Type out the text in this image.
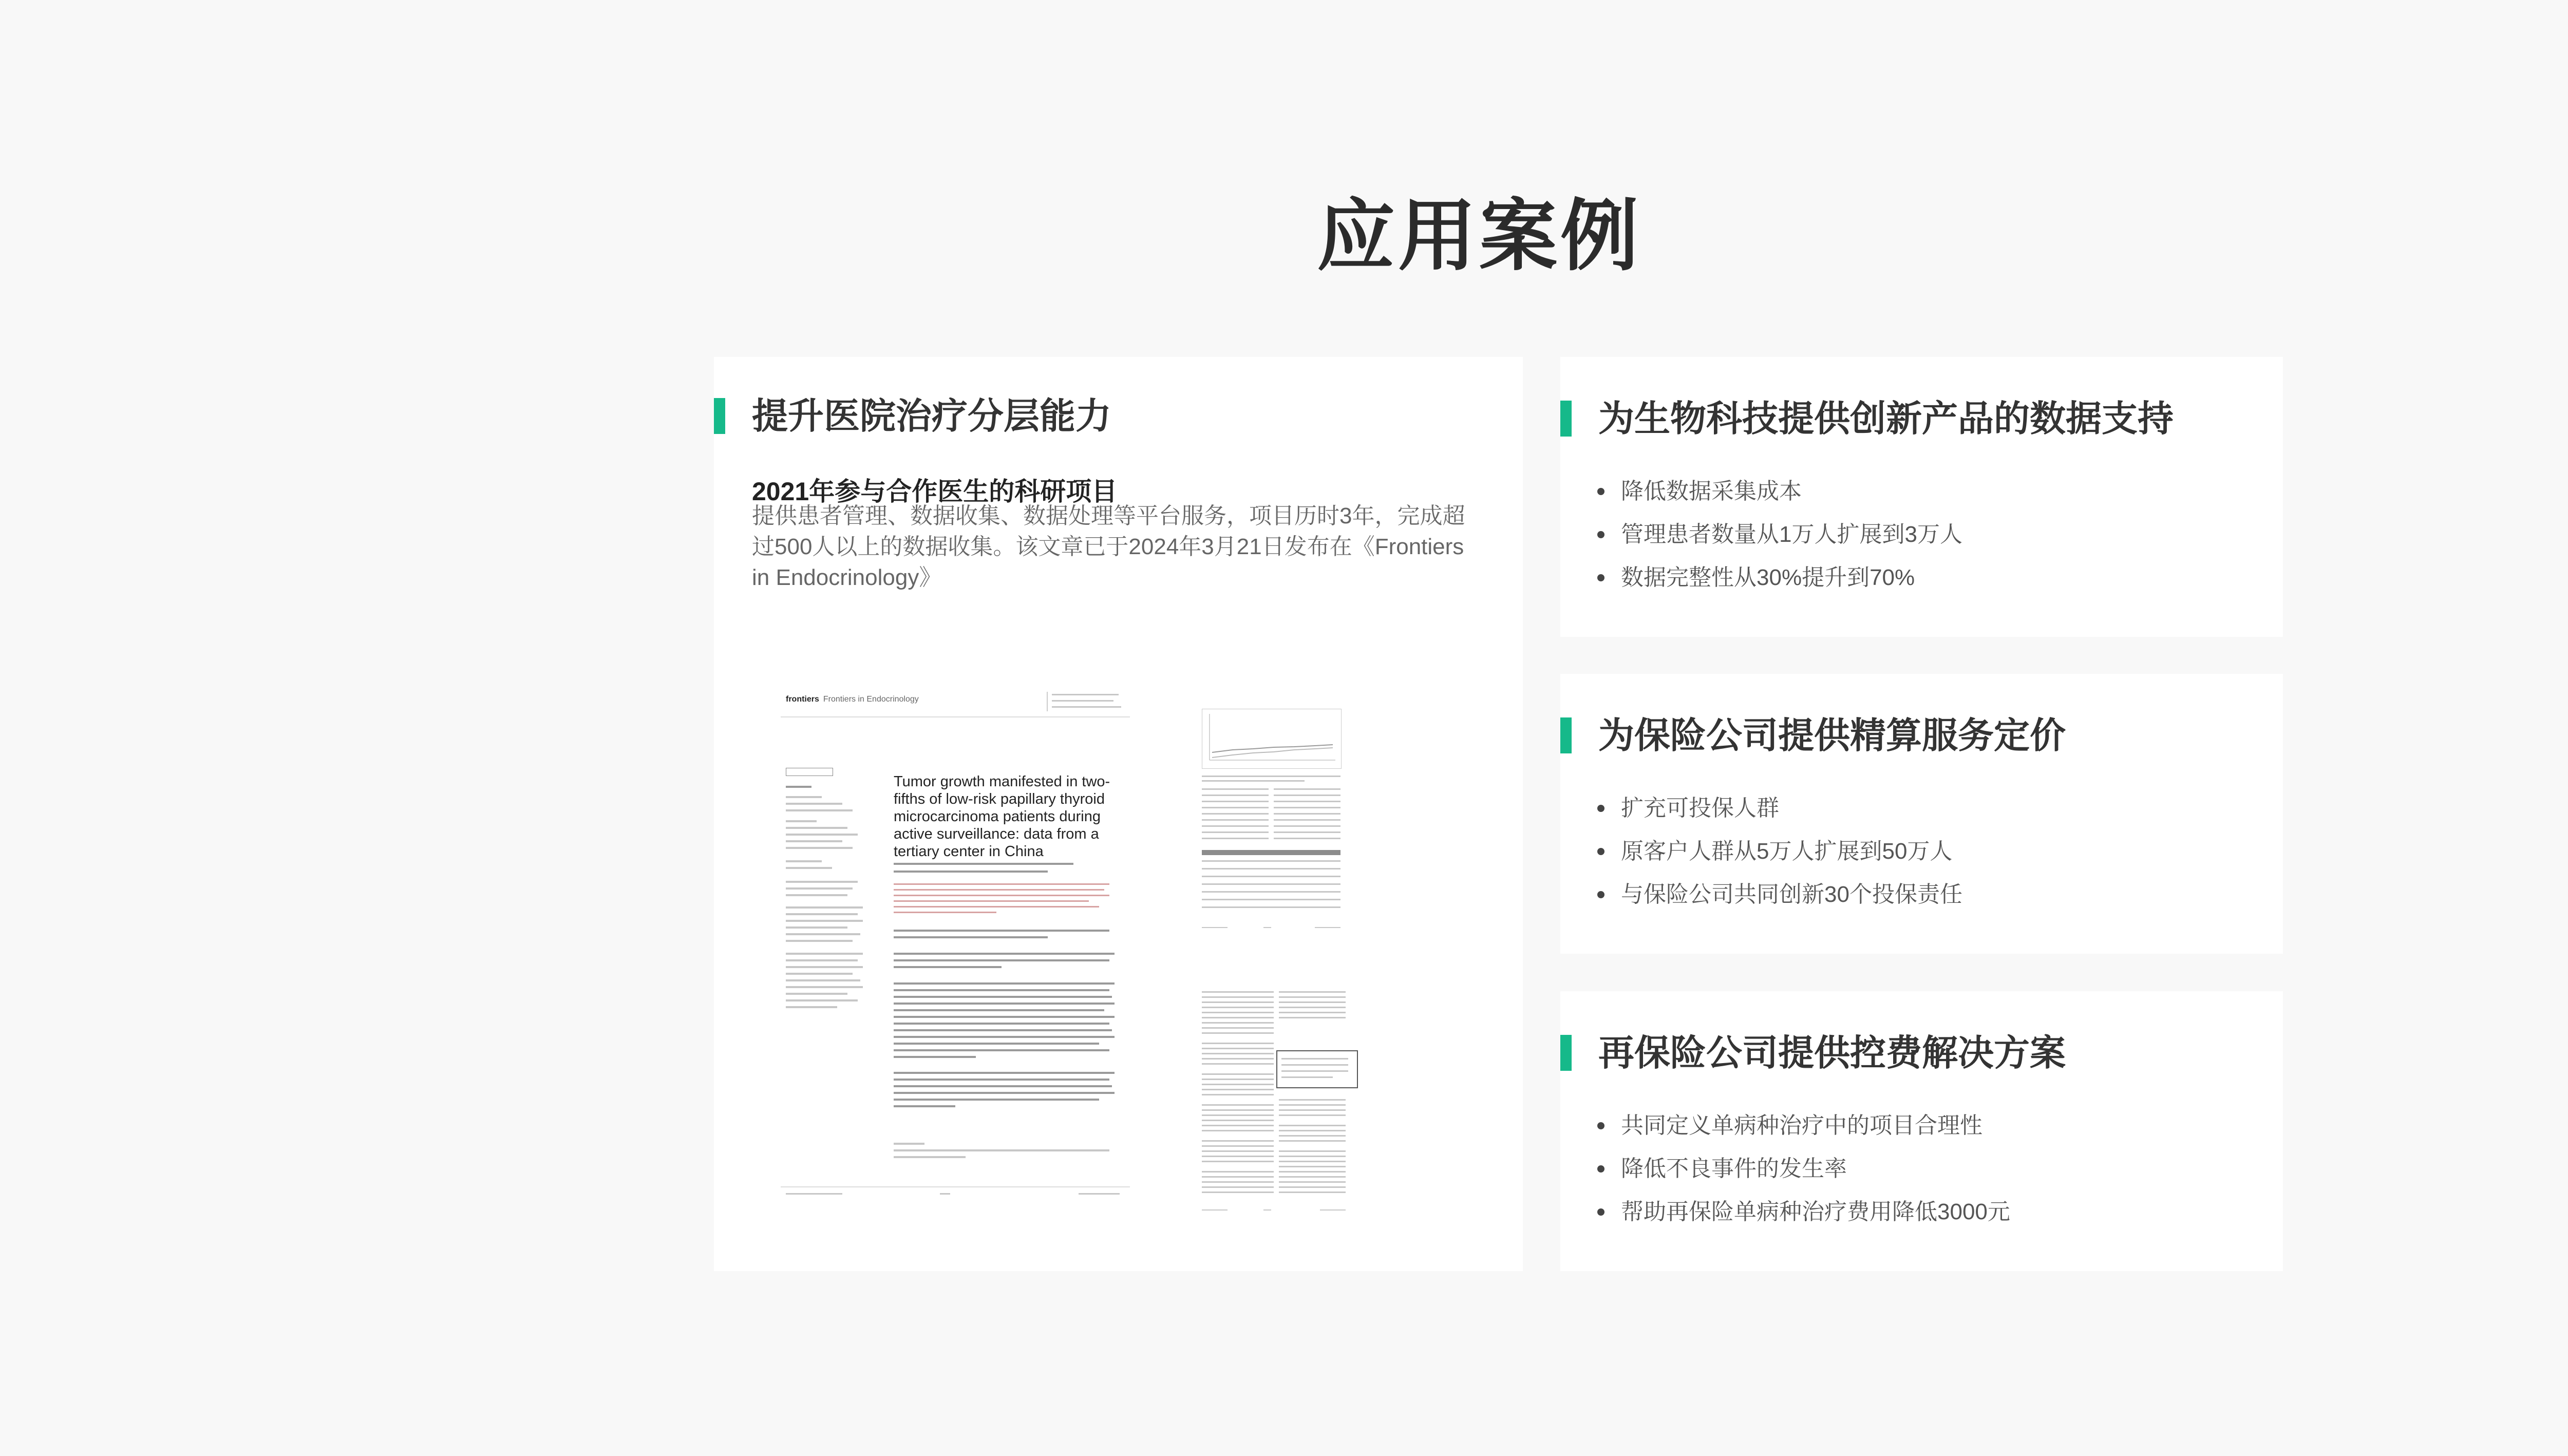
应用案例
提升医院治疗分层能力
2021年参与合作医生的科研项目
提供患者管理、数据收集、数据处理等平台服务，项目历时3年，完成超过500人以上的数据收集。该文章已于2024年3月21日发布在《Frontiers in Endocrinology》
frontiers Frontiers in Endocrinology
Tumor growth manifested in two-fifths of low-risk papillary thyroid microcarcinoma patients during active surveillance: data from a tertiary center in China
为生物科技提供创新产品的数据支持
降低数据采集成本
管理患者数量从1万人扩展到3万人
数据完整性从30%提升到70%
为保险公司提供精算服务定价
扩充可投保人群
原客户人群从5万人扩展到50万人
与保险公司共同创新30个投保责任
再保险公司提供控费解决方案
共同定义单病种治疗中的项目合理性
降低不良事件的发生率
帮助再保险单病种治疗费用降低3000元
